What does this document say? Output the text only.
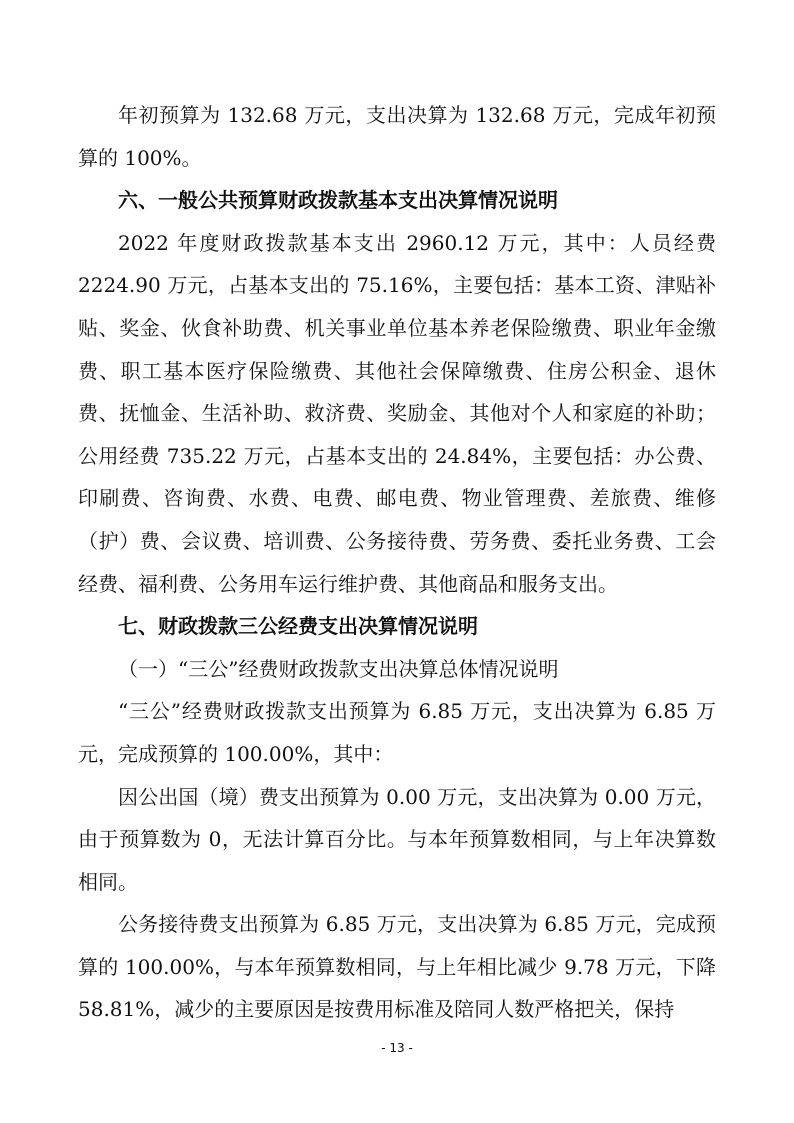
年初预算为 132.68 万元，支出决算为 132.68 万元，完成年初预算的 100%。

六、一般公共预算财政拨款基本支出决算情况说明

2022 年度财政拨款基本支出 2960.12 万元，其中：人员经费 2224.90 万元，占基本支出的 75.16%，主要包括：基本工资、津贴补贴、奖金、伙食补助费、机关事业单位基本养老保险缴费、职业年金缴费、职工基本医疗保险缴费、其他社会保障缴费、住房公积金、退休费、抚恤金、生活补助、救济费、奖励金、其他对个人和家庭的补助；公用经费 735.22 万元，占基本支出的 24.84%，主要包括：办公费、印刷费、咨询费、水费、电费、邮电费、物业管理费、差旅费、维修（护）费、会议费、培训费、公务接待费、劳务费、委托业务费、工会经费、福利费、公务用车运行维护费、其他商品和服务支出。

七、财政拨款三公经费支出决算情况说明

（一）“三公”经费财政拨款支出决算总体情况说明

“三公”经费财政拨款支出预算为 6.85 万元，支出决算为 6.85 万元，完成预算的 100.00%，其中：

因公出国（境）费支出预算为 0.00 万元，支出决算为 0.00 万元，由于预算数为 0，无法计算百分比。与本年预算数相同，与上年决算数相同。

公务接待费支出预算为 6.85 万元，支出决算为 6.85 万元，完成预算的 100.00%，与本年预算数相同，与上年相比减少 9.78 万元，下降 58.81%，减少的主要原因是按费用标准及陪同人数严格把关，保持

- 13 -
